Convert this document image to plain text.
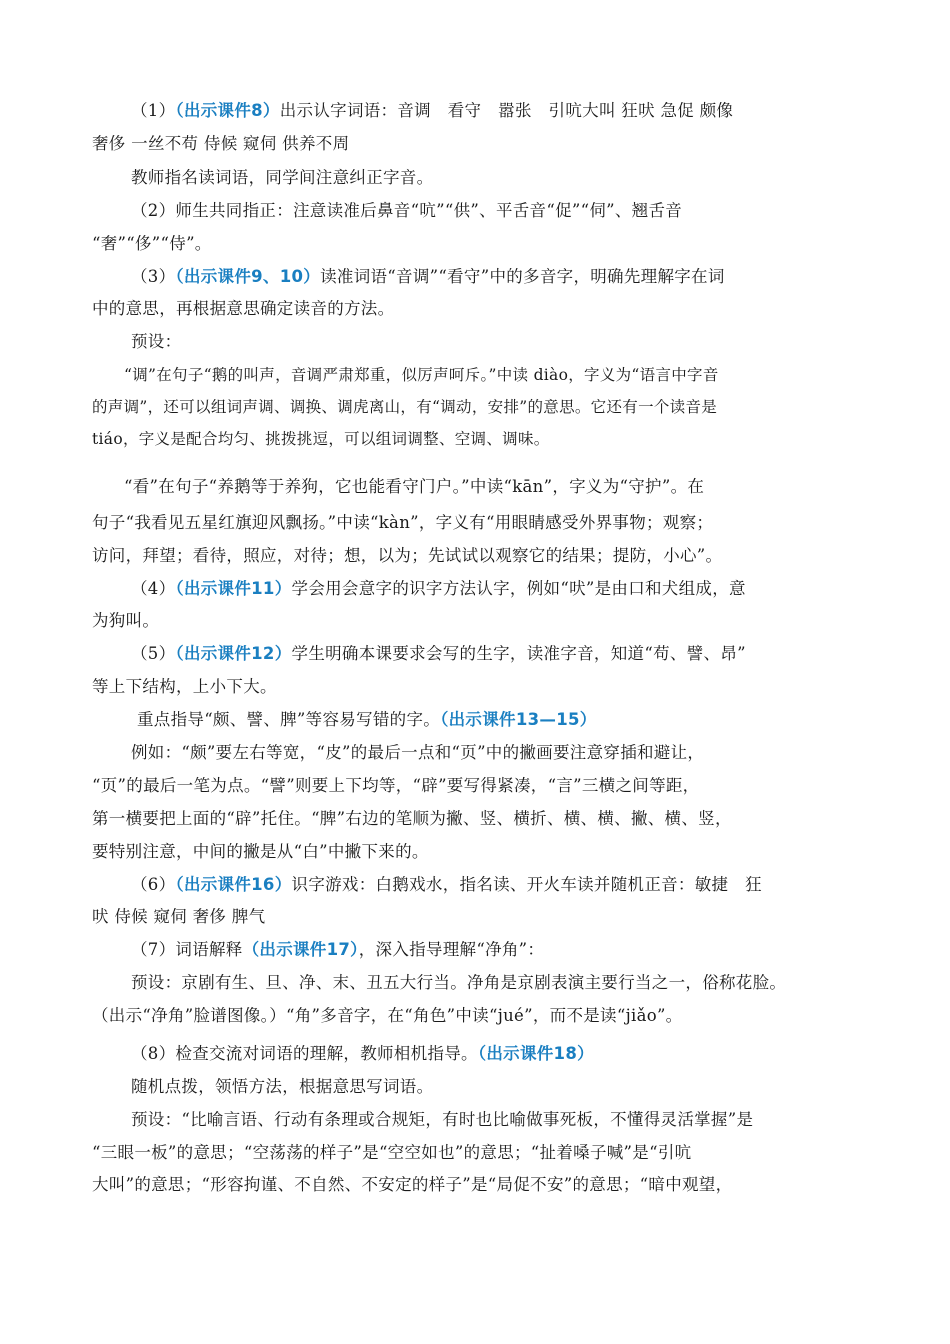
（1）（出示课件8）出示认字词语：音调　看守　嚣张　引吭大叫 狂吠 急促 颇像
奢侈 一丝不苟 侍候 窥伺 供养不周
教师指名读词语，同学间注意纠正字音。
（2）师生共同指正：注意读准后鼻音“吭”“供”、平舌音“促”“伺”、翘舌音
“奢”“侈”“侍”。
（3）（出示课件9、10）读准词语“音调”“看守”中的多音字，明确先理解字在词
中的意思，再根据意思确定读音的方法。
预设：
“调”在句子“鹅的叫声，音调严肃郑重，似厉声呵斥。”中读 diào，字义为“语言中字音
的声调”，还可以组词声调、调换、调虎离山，有“调动，安排”的意思。它还有一个读音是
tiáo，字义是配合均匀、挑拨挑逗，可以组词调整、空调、调味。
“看”在句子“养鹅等于养狗，它也能看守门户。”中读“kān”，字义为“守护”。在
句子“我看见五星红旗迎风飘扬。”中读“kàn”，字义有“用眼睛感受外界事物；观察；
访问，拜望；看待，照应，对待；想，以为；先试试以观察它的结果；提防，小心”。
（4）（出示课件11）学会用会意字的识字方法认字，例如“吠”是由口和犬组成，意
为狗叫。
（5）（出示课件12）学生明确本课要求会写的生字，读准字音，知道“苟、譬、昂”
等上下结构，上小下大。
重点指导“颇、譬、脾”等容易写错的字。（出示课件13—15）
例如：“颇”要左右等宽，“皮”的最后一点和“页”中的撇画要注意穿插和避让，
“页”的最后一笔为点。“譬”则要上下均等，“辟”要写得紧凑，“言”三横之间等距，
第一横要把上面的“辟”托住。“脾”右边的笔顺为撇、竖、横折、横、横、撇、横、竖，
要特别注意，中间的撇是从“白”中撇下来的。
（6）（出示课件16）识字游戏：白鹅戏水，指名读、开火车读并随机正音：敏捷　狂
吠 侍候 窥伺 奢侈 脾气
（7）词语解释（出示课件17），深入指导理解“净角”：
预设：京剧有生、旦、净、末、丑五大行当。净角是京剧表演主要行当之一，俗称花脸。
（出示“净角”脸谱图像。）“角”多音字，在“角色”中读“jué”，而不是读“jiǎo”。
（8）检查交流对词语的理解，教师相机指导。（出示课件18）
随机点拨，领悟方法，根据意思写词语。
预设：“比喻言语、行动有条理或合规矩，有时也比喻做事死板，不懂得灵活掌握”是
“三眼一板”的意思；“空荡荡的样子”是“空空如也”的意思；“扯着嗓子喊”是“引吭
大叫”的意思；“形容拘谨、不自然、不安定的样子”是“局促不安”的意思；“暗中观望，
